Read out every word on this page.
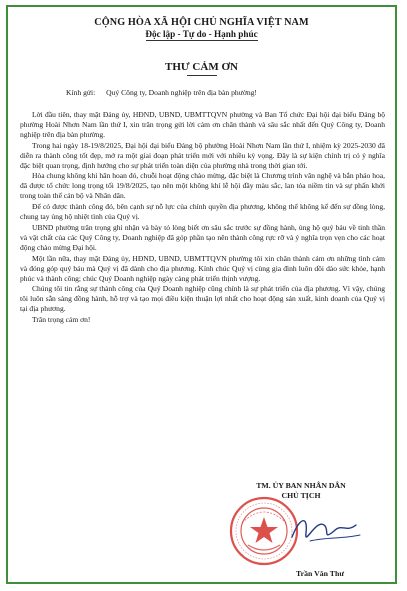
CỘNG HÒA XÃ HỘI CHỦ NGHĨA VIỆT NAM
Độc lập - Tự do - Hạnh phúc
THƯ CẢM ƠN
Kính gửi: Quý Công ty, Doanh nghiệp trên địa bàn phường!

Lời đầu tiên, thay mặt Đảng ủy, HĐND, UBND, UBMTTQVN phường và Ban Tổ chức Đại hội đại biểu Đảng bộ phường Hoài Nhơn Nam lần thứ I, xin trân trọng gửi lời cảm ơn chân thành và sâu sắc nhất đến Quý Công ty, Doanh nghiệp trên địa bàn phường.

Trong hai ngày 18-19/8/2025, Đại hội đại biểu Đảng bộ phường Hoài Nhơn Nam lần thứ I, nhiệm kỳ 2025-2030 đã diễn ra thành công tốt đẹp, mở ra một giai đoạn phát triển mới với nhiều kỳ vọng. Đây là sự kiện chính trị có ý nghĩa đặc biệt quan trọng, định hướng cho sự phát triển toàn diện của phường nhà trong thời gian tới.

Hòa chung không khí hân hoan đó, chuỗi hoạt động chào mừng, đặc biệt là Chương trình văn nghệ và bắn pháo hoa, đã được tổ chức long trọng tối 19/8/2025, tạo nên một không khí lễ hội đầy màu sắc, lan tỏa niềm tin và sự phấn khởi trong toàn thể cán bộ và Nhân dân.

Để có được thành công đó, bên cạnh sự nỗ lực của chính quyền địa phương, không thể không kể đến sự đồng lòng, chung tay ủng hộ nhiệt tình của Quý vị.

UBND phường trân trọng ghi nhận và bày tỏ lòng biết ơn sâu sắc trước sự đồng hành, ủng hộ quý báu về tinh thần và vật chất của các Quý Công ty, Doanh nghiệp đã góp phần tạo nên thành công rực rỡ và ý nghĩa trọn vẹn cho các hoạt động chào mừng Đại hội.

Một lần nữa, thay mặt Đảng ủy, HĐND, UBND, UBMTTQVN phường tôi xin chân thành cảm ơn những tình cảm và đóng góp quý báu mà Quý vị đã dành cho địa phương. Kính chúc Quý vị cùng gia đình luôn dồi dào sức khỏe, hạnh phúc và thành công; chúc Quý Doanh nghiệp ngày càng phát triển thịnh vượng.

Chúng tôi tin rằng sự thành công của Quý Doanh nghiệp cũng chính là sự phát triển của địa phương. Vì vậy, chúng tôi luôn sẵn sàng đồng hành, hỗ trợ và tạo mọi điều kiện thuận lợi nhất cho hoạt động sản xuất, kinh doanh của Quý vị tại địa phương.

Trân trọng cảm ơn!

TM. ỦY BAN NHÂN DÂN
CHỦ TỊCH
Trần Văn Thư
